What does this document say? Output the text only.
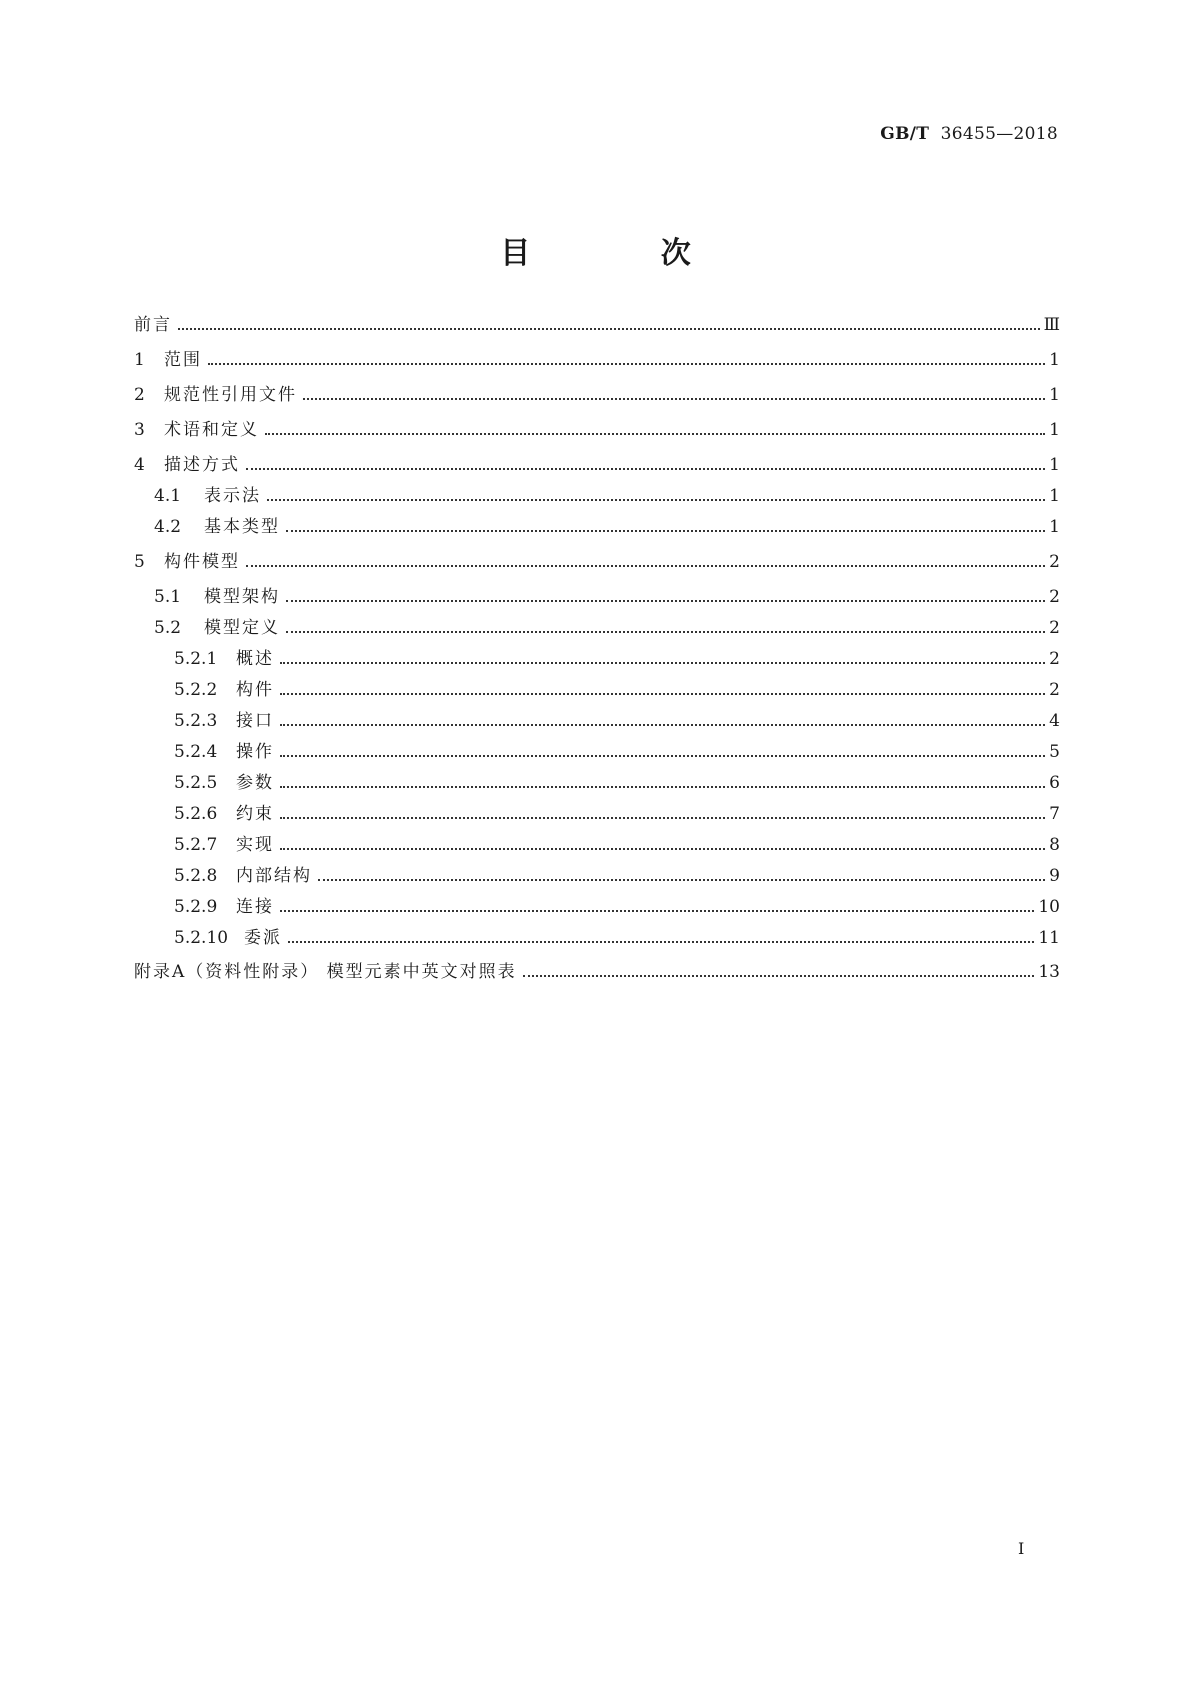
GB/T 36455—2018
目 次
前言	Ⅲ
1	范围	1
2	规范性引用文件	1
3	术语和定义	1
4	描述方式	1
4.1	表示法	1
4.2	基本类型	1
5	构件模型	2
5.1	模型架构	2
5.2	模型定义	2
5.2.1	概述	2
5.2.2	构件	2
5.2.3	接口	4
5.2.4	操作	5
5.2.5	参数	6
5.2.6	约束	7
5.2.7	实现	8
5.2.8	内部结构	9
5.2.9	连接	10
5.2.10 委派	11
附录A（资料性附录） 模型元素中英文对照表	13
Ⅰ
